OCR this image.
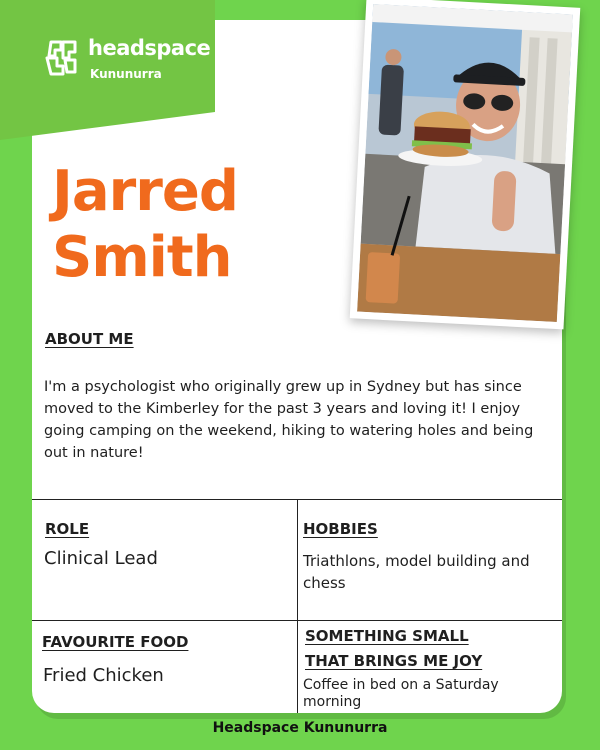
headspace
Kununurra
Jarred
Smith
ABOUT ME
I'm a psychologist who originally grew up in Sydney but has since moved to the Kimberley for the past 3 years and loving it! I enjoy going camping on the weekend, hiking to watering holes and being out in nature!
ROLE
Clinical Lead
HOBBIES
Triathlons, model building and chess
FAVOURITE FOOD
Fried Chicken
SOMETHING SMALL
THAT BRINGS ME JOY
Coffee in bed on a Saturday morning
Headspace Kununurra
